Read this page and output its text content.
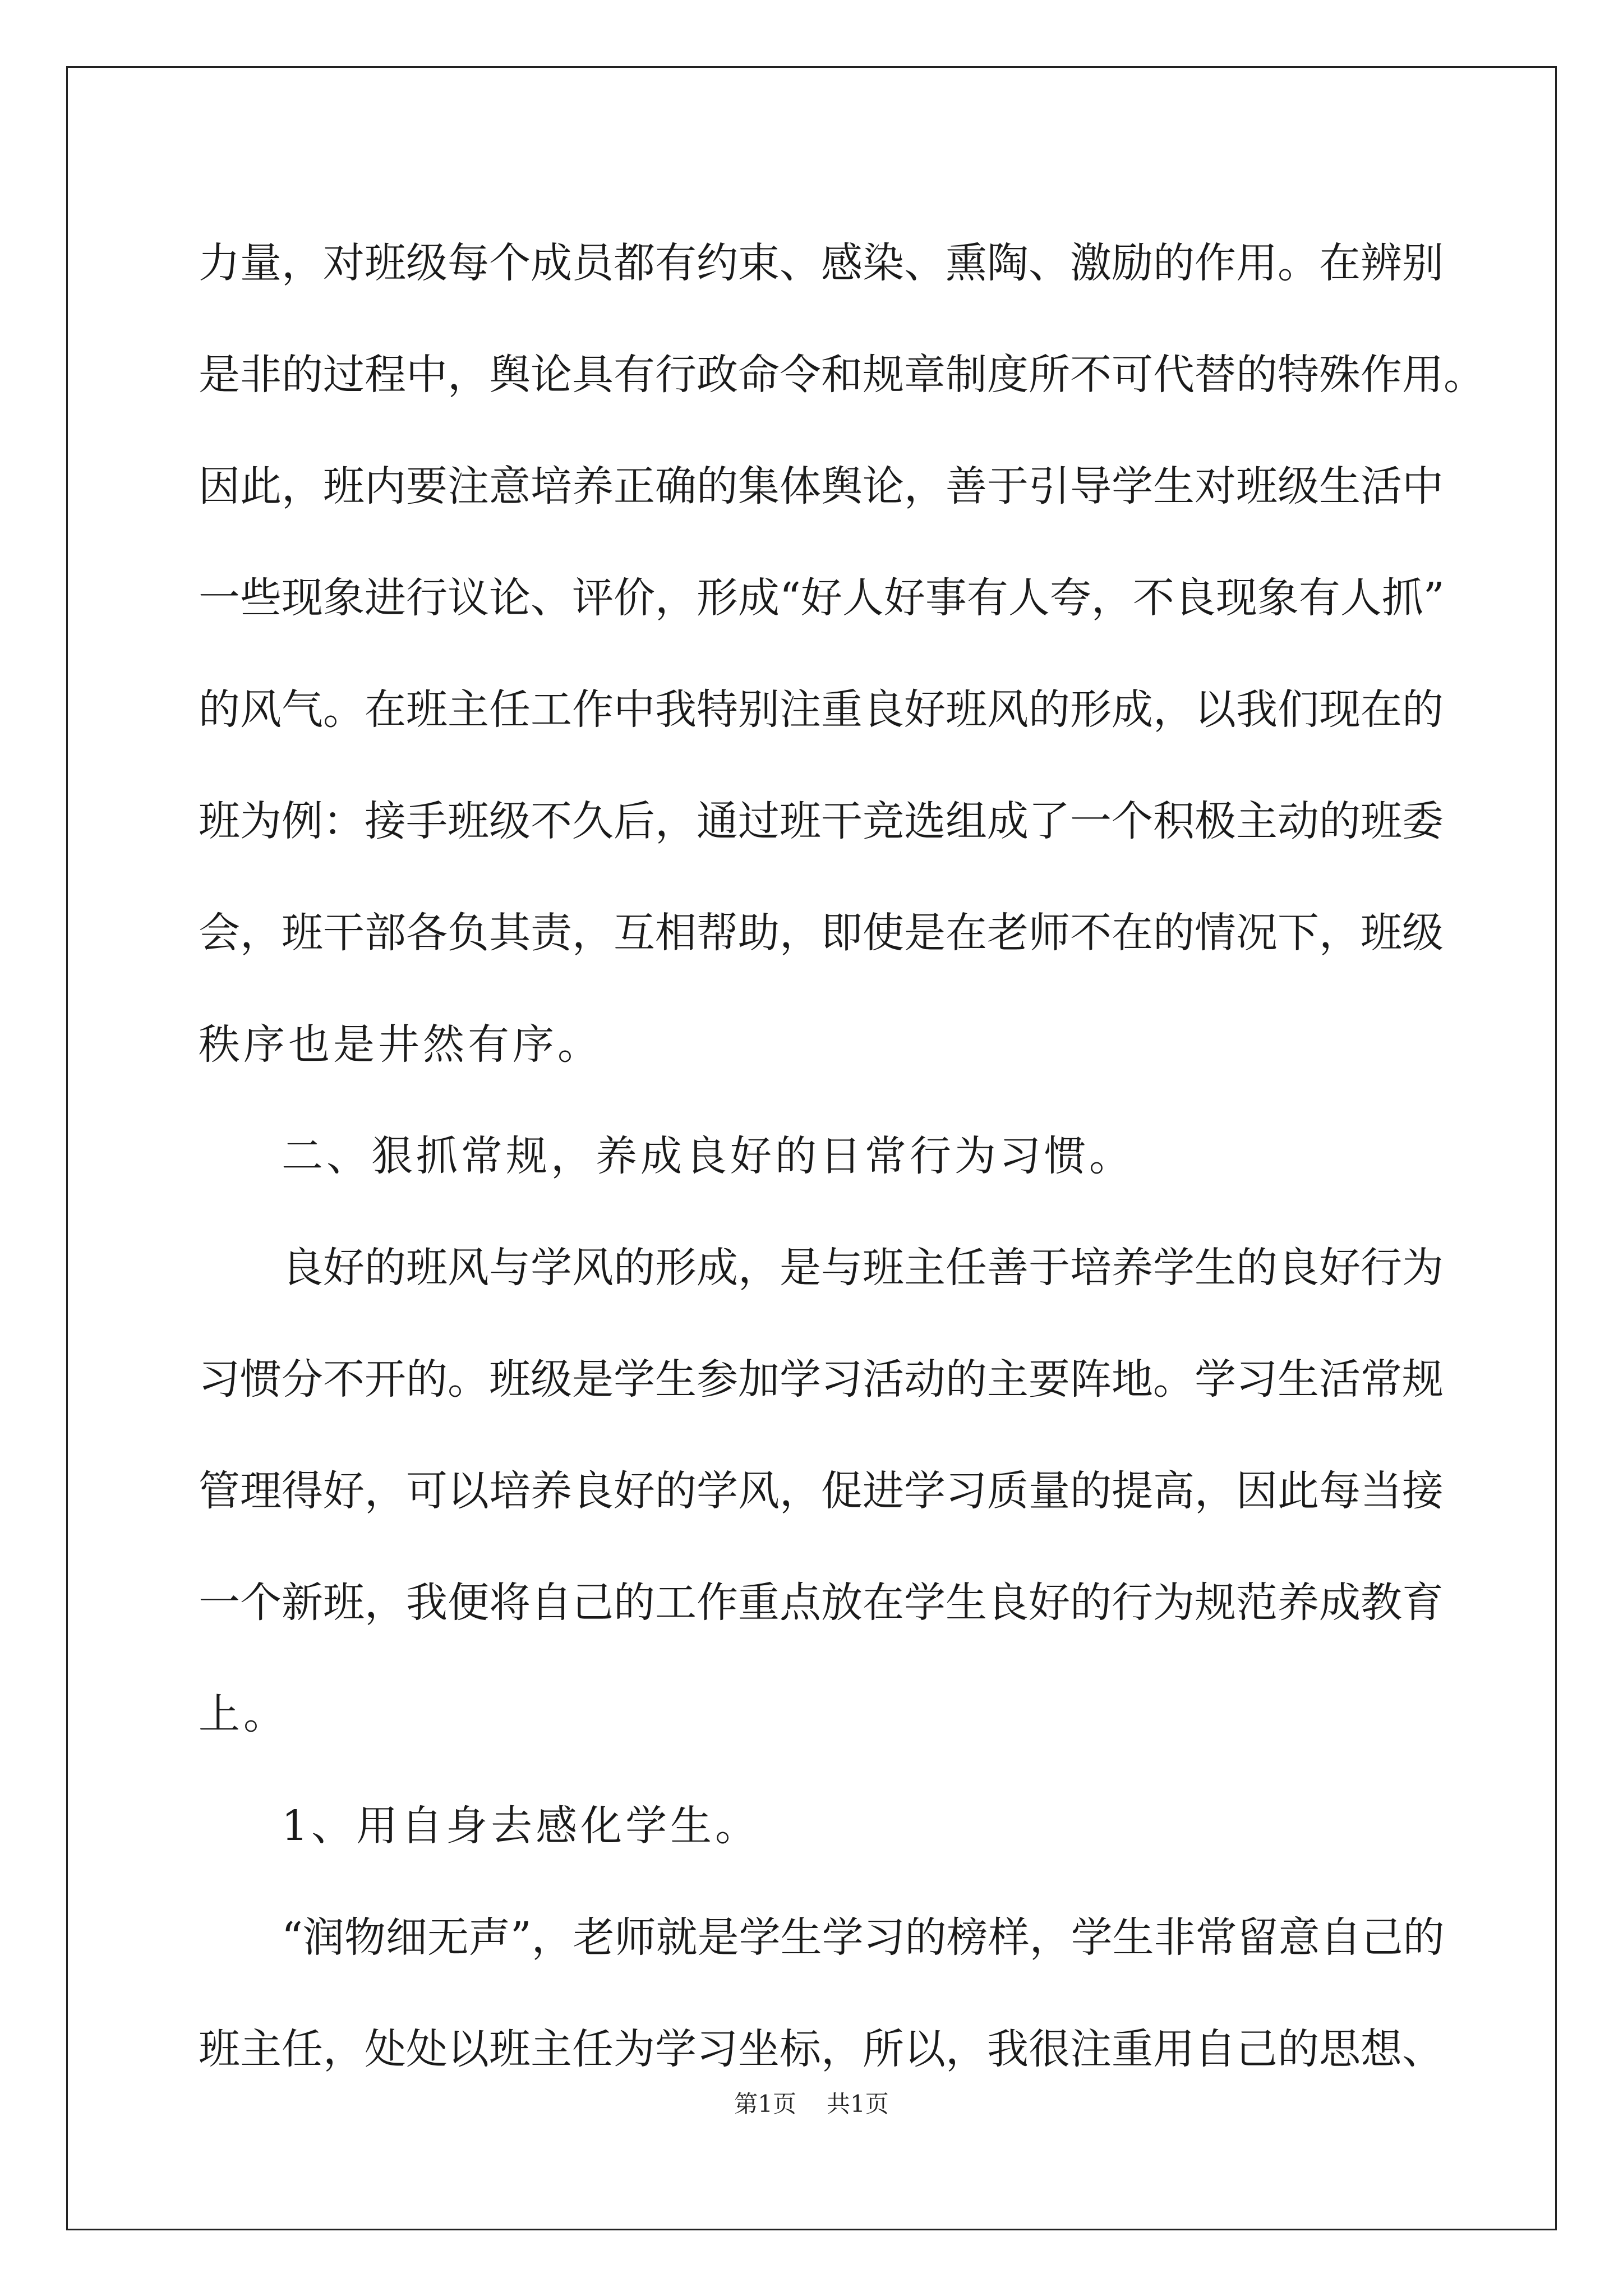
力量，对班级每个成员都有约束、感染、熏陶、激励的作用。在辨别
是非的过程中，舆论具有行政命令和规章制度所不可代替的特殊作用。
因此，班内要注意培养正确的集体舆论，善于引导学生对班级生活中
一些现象进行议论、评价，形成“好人好事有人夸，不良现象有人抓”
的风气。在班主任工作中我特别注重良好班风的形成，以我们现在的
班为例：接手班级不久后，通过班干竞选组成了一个积极主动的班委
会，班干部各负其责，互相帮助，即使是在老师不在的情况下，班级
秩序也是井然有序。
二、狠抓常规，养成良好的日常行为习惯。
良好的班风与学风的形成，是与班主任善于培养学生的良好行为
习惯分不开的。班级是学生参加学习活动的主要阵地。学习生活常规
管理得好，可以培养良好的学风，促进学习质量的提高，因此每当接
一个新班，我便将自己的工作重点放在学生良好的行为规范养成教育
上。
1、用自身去感化学生。
“润物细无声”，老师就是学生学习的榜样，学生非常留意自己的
班主任，处处以班主任为学习坐标，所以，我很注重用自己的思想、
第1页 共1页
